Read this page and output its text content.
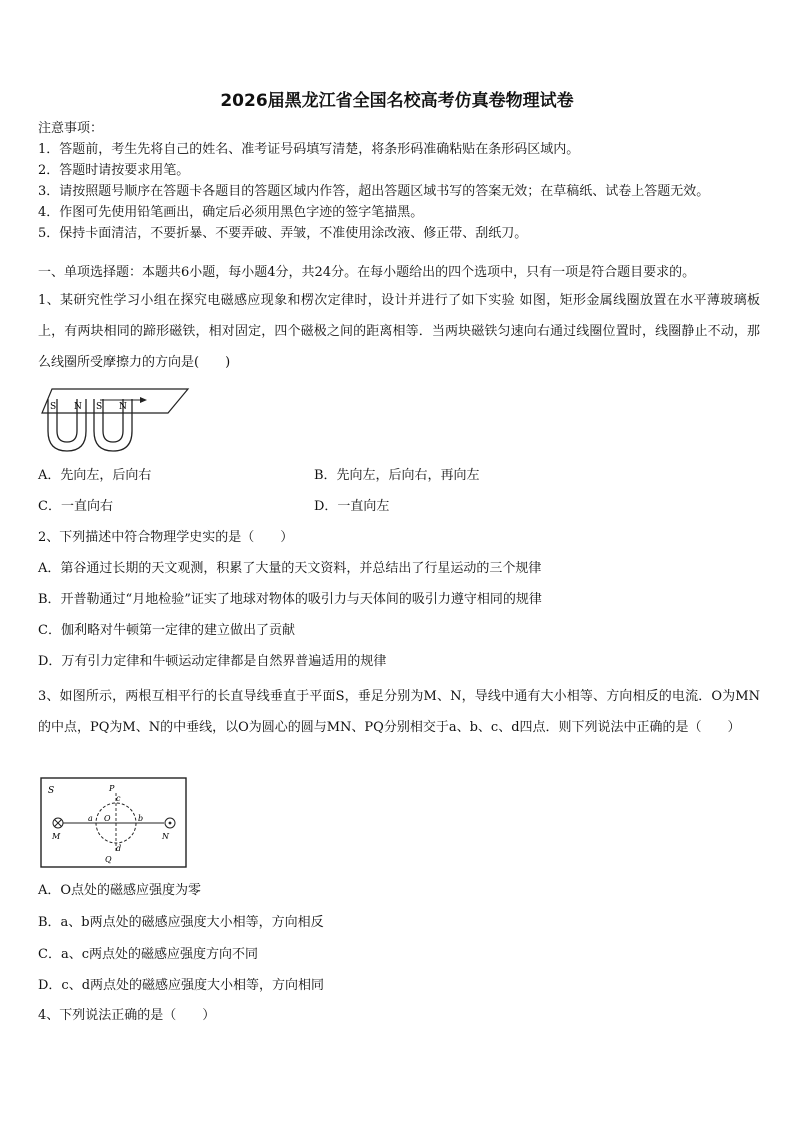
2026届黑龙江省全国名校高考仿真卷物理试卷
注意事项：
1．答题前，考生先将自己的姓名、准考证号码填写清楚，将条形码准确粘贴在条形码区域内。
2．答题时请按要求用笔。
3．请按照题号顺序在答题卡各题目的答题区域内作答，超出答题区域书写的答案无效；在草稿纸、试卷上答题无效。
4．作图可先使用铅笔画出，确定后必须用黑色字迹的签字笔描黑。
5．保持卡面清洁，不要折暴、不要弄破、弄皱，不准使用涂改液、修正带、刮纸刀。
一、单项选择题：本题共6小题，每小题4分，共24分。在每小题给出的四个选项中，只有一项是符合题目要求的。
1、某研究性学习小组在探究电磁感应现象和楞次定律时，设计并进行了如下实验 如图，矩形金属线圈放置在水平薄玻璃板上，有两块相同的蹄形磁铁，相对固定，四个磁极之间的距离相等．当两块磁铁匀速向右通过线圈位置时，线圈静止不动，那么线圈所受摩擦力的方向是(　　)
S N S N
A．先向左，后向右	B．先向左，后向右，再向左
C．一直向右	D．一直向左
2、下列描述中符合物理学史实的是（　　）
A．第谷通过长期的天文观测，积累了大量的天文资料，并总结出了行星运动的三个规律
B．开普勒通过“月地检验”证实了地球对物体的吸引力与天体间的吸引力遵守相同的规律
C．伽利略对牛顿第一定律的建立做出了贡献
D．万有引力定律和牛顿运动定律都是自然界普遍适用的规律
3、如图所示，两根互相平行的长直导线垂直于平面S，垂足分别为M、N，导线中通有大小相等、方向相反的电流．O为MN的中点，PQ为M、N的中垂线，以O为圆心的圆与MN、PQ分别相交于a、b、c、d四点．则下列说法中正确的是（　　）
S	P
c
M
a O	b
N
d
Q
A．O点处的磁感应强度为零
B．a、b两点处的磁感应强度大小相等，方向相反
C．a、c两点处的磁感应强度方向不同
D．c、d两点处的磁感应强度大小相等，方向相同
4、下列说法正确的是（　　）
